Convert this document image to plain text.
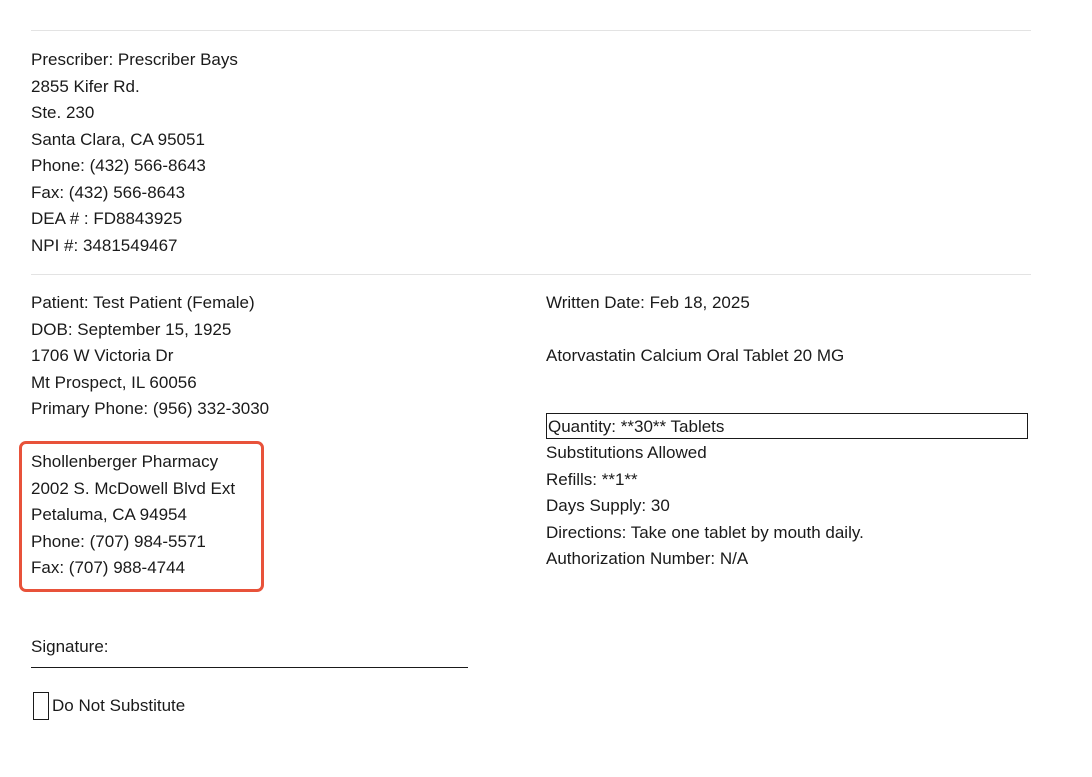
Prescriber: Prescriber Bays
2855 Kifer Rd.
Ste. 230
Santa Clara, CA 95051
Phone: (432) 566-8643
Fax: (432) 566-8643
DEA # : FD8843925
NPI #: 3481549467
Patient: Test Patient (Female)
DOB: September 15, 1925
1706 W Victoria Dr
Mt Prospect, IL 60056
Primary Phone: (956) 332-3030
Shollenberger Pharmacy
2002 S. McDowell Blvd Ext
Petaluma, CA 94954
Phone: (707) 984-5571
Fax: (707) 988-4744
Written Date: Feb 18, 2025
Atorvastatin Calcium Oral Tablet 20 MG
Quantity: **30** Tablets
Substitutions Allowed
Refills: **1**
Days Supply: 30
Directions: Take one tablet by mouth daily.
Authorization Number: N/A
Signature:
Do Not Substitute
